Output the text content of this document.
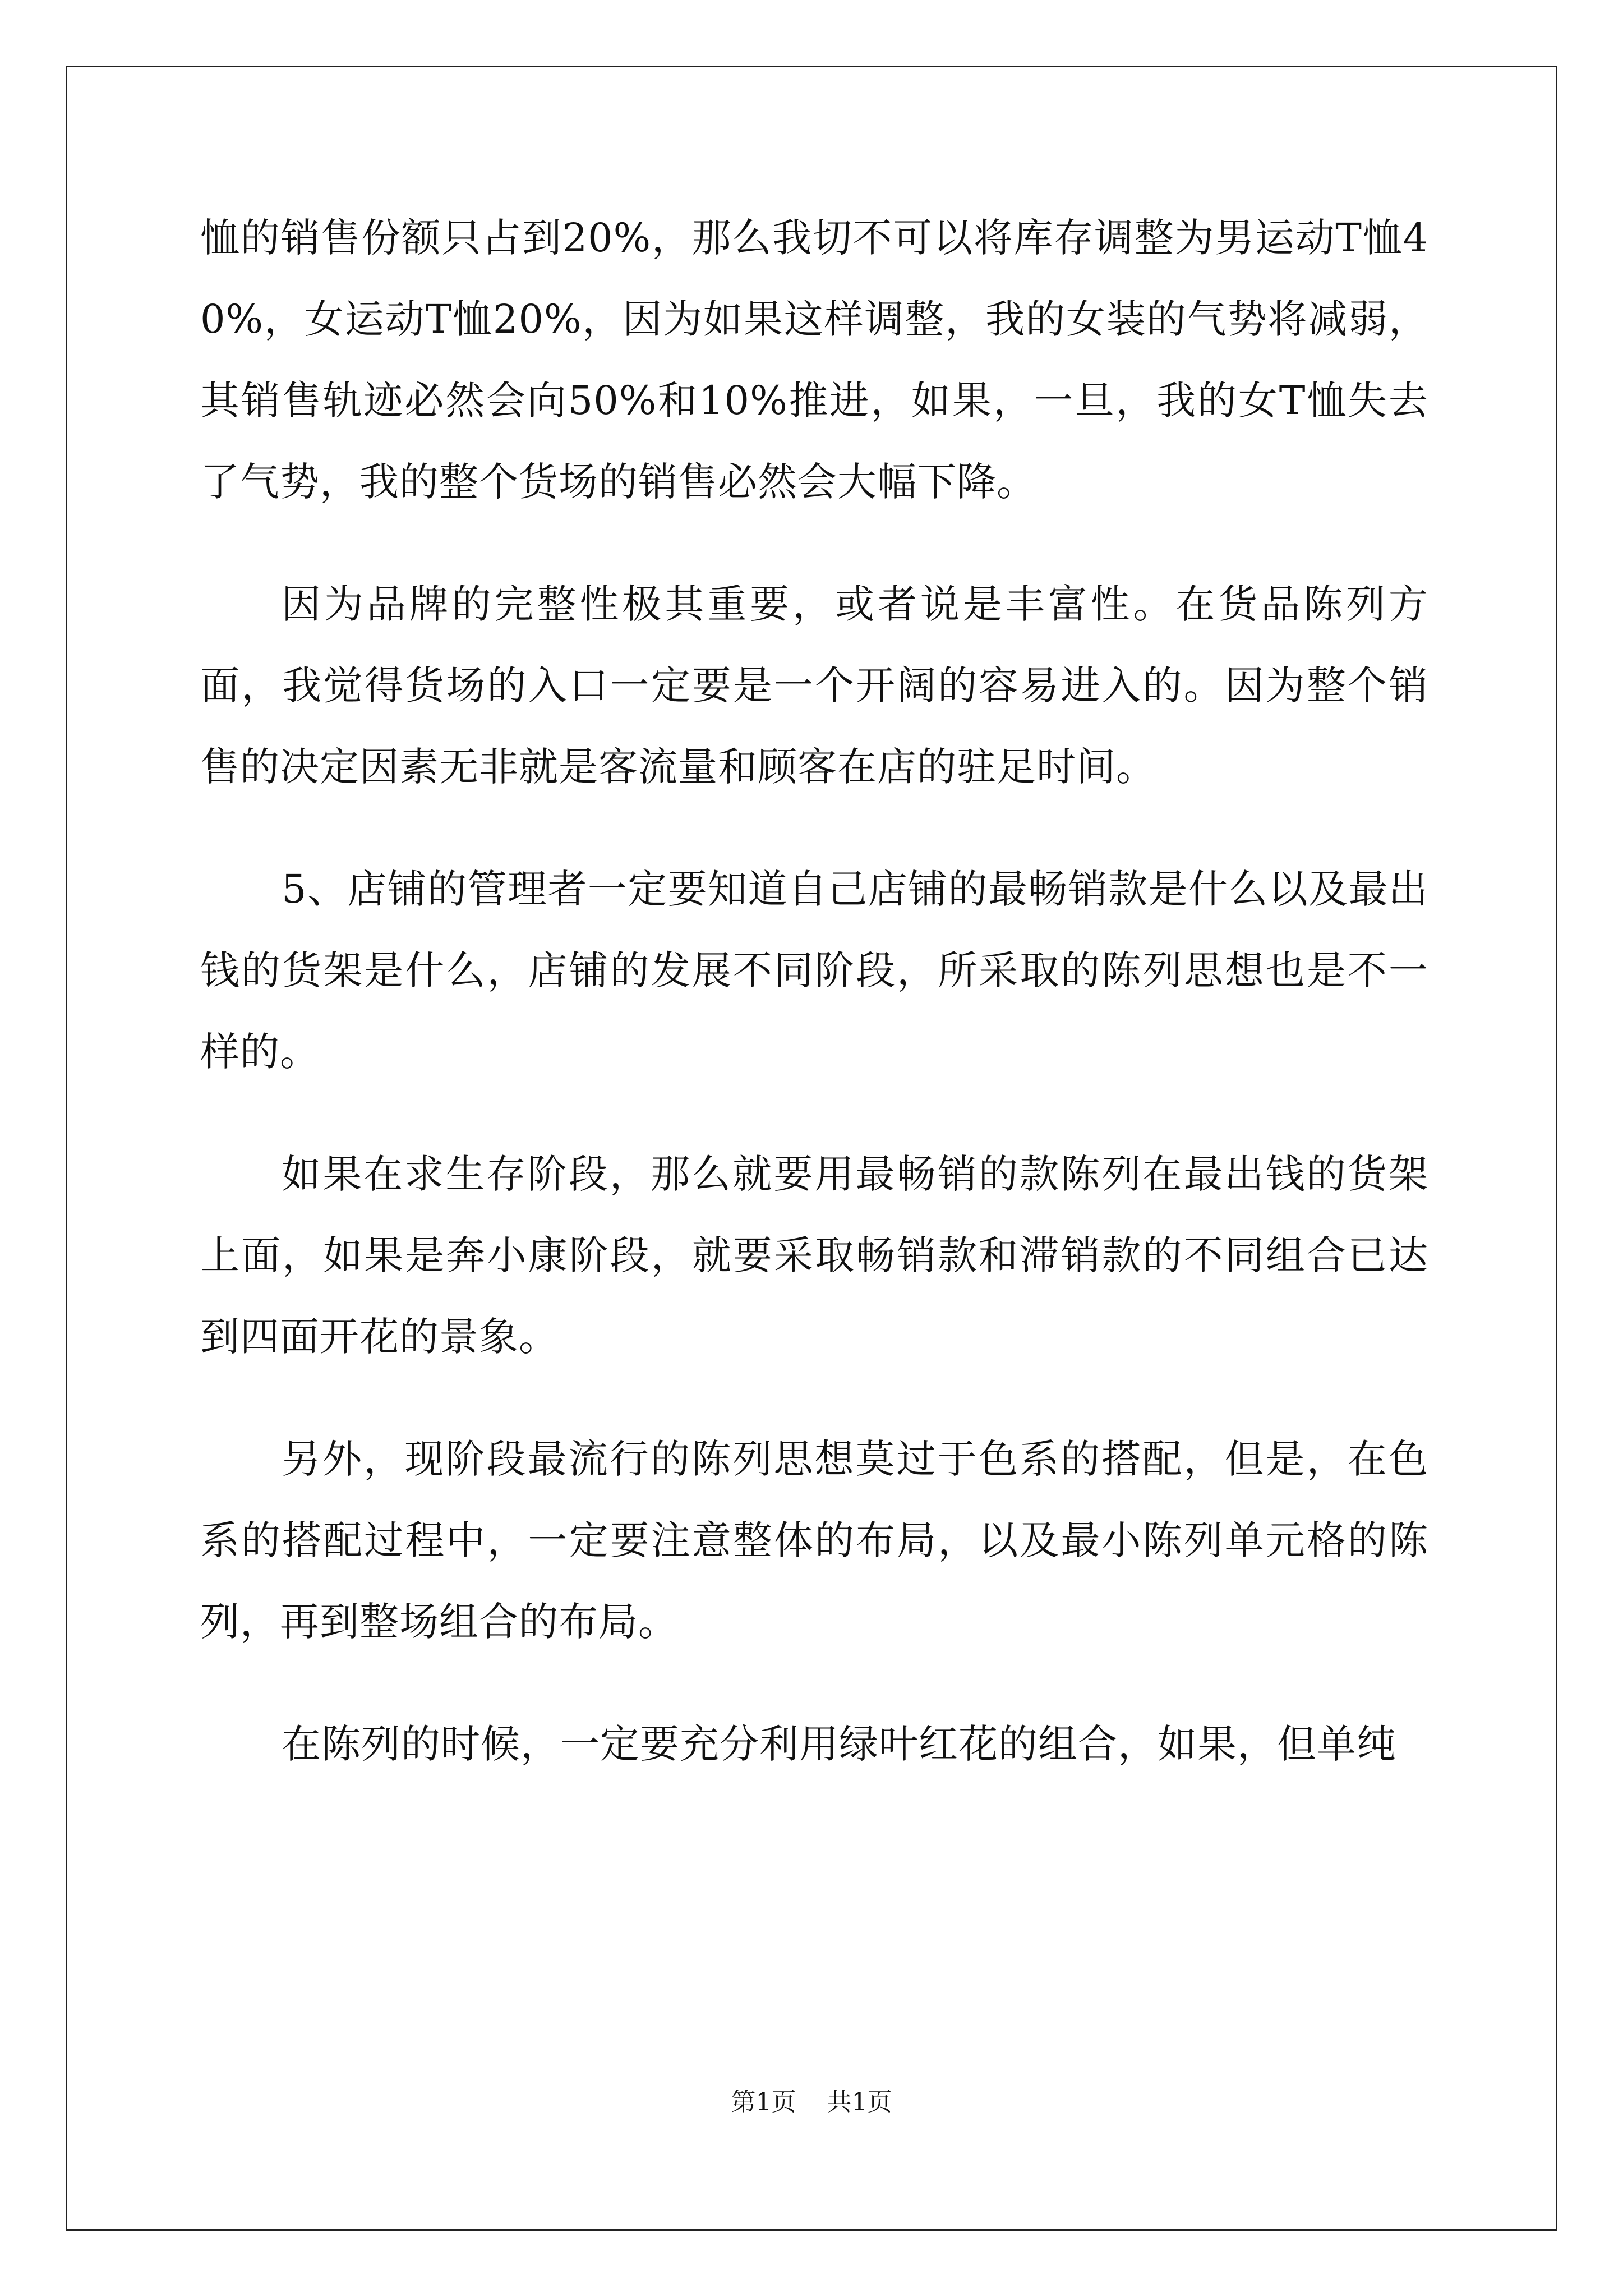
恤的销售份额只占到20%，那么我切不可以将库存调整为男运动T恤40%，女运动T恤20%，因为如果这样调整，我的女装的气势将减弱，其销售轨迹必然会向50%和10%推进，如果，一旦，我的女T恤失去了气势，我的整个货场的销售必然会大幅下降。

因为品牌的完整性极其重要，或者说是丰富性。在货品陈列方面，我觉得货场的入口一定要是一个开阔的容易进入的。因为整个销售的决定因素无非就是客流量和顾客在店的驻足时间。

5、店铺的管理者一定要知道自己店铺的最畅销款是什么以及最出钱的货架是什么，店铺的发展不同阶段，所采取的陈列思想也是不一样的。

如果在求生存阶段，那么就要用最畅销的款陈列在最出钱的货架上面，如果是奔小康阶段，就要采取畅销款和滞销款的不同组合已达到四面开花的景象。

另外，现阶段最流行的陈列思想莫过于色系的搭配，但是，在色系的搭配过程中，一定要注意整体的布局，以及最小陈列单元格的陈列，再到整场组合的布局。

在陈列的时候，一定要充分利用绿叶红花的组合，如果，但单纯

第1页 共1页
